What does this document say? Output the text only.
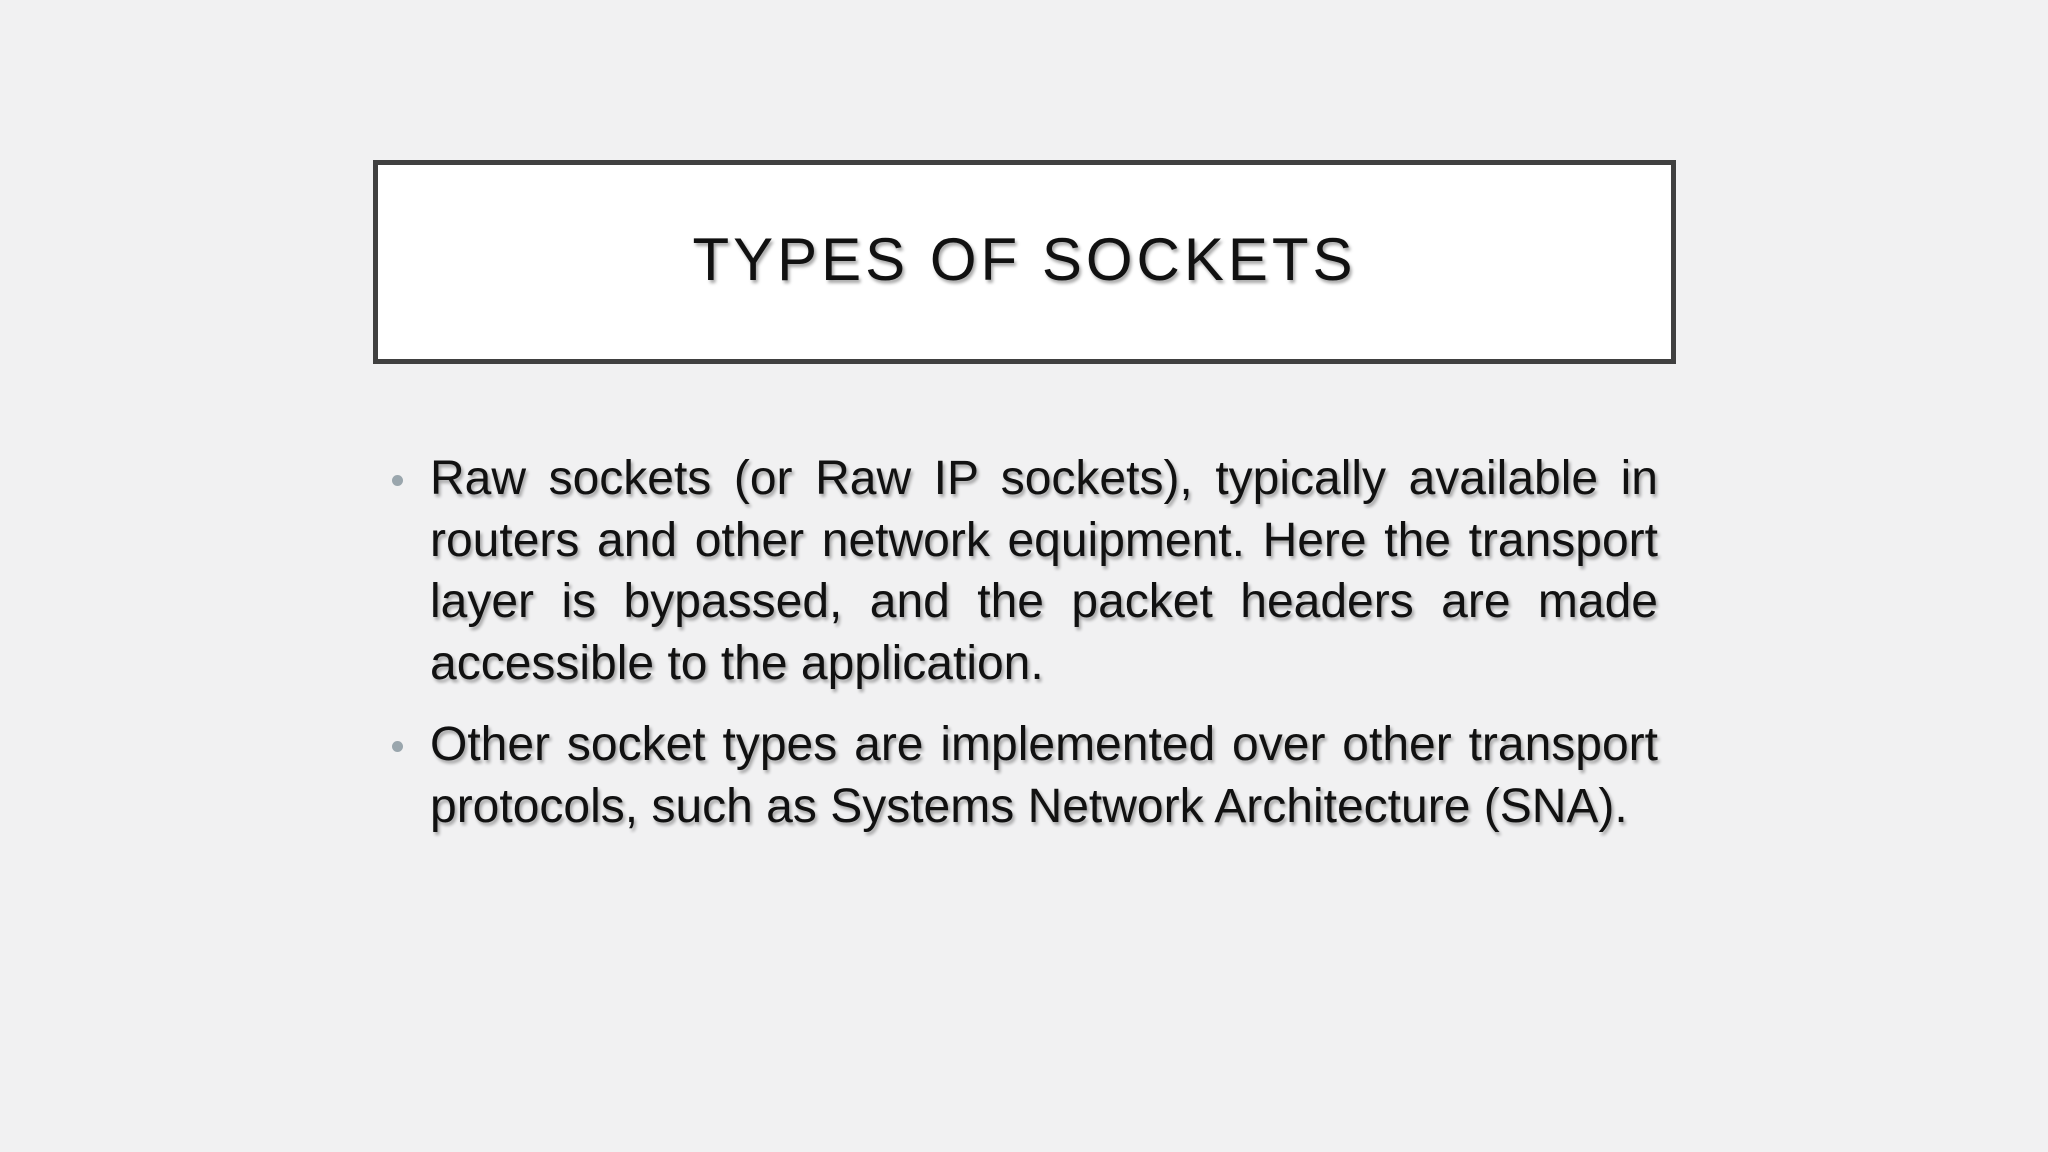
TYPES OF SOCKETS
Raw sockets (or Raw IP sockets), typically available in routers and other network equipment. Here the transport layer is bypassed, and the packet headers are made accessible to the application.
Other socket types are implemented over other transport protocols, such as Systems Network Architecture (SNA).
